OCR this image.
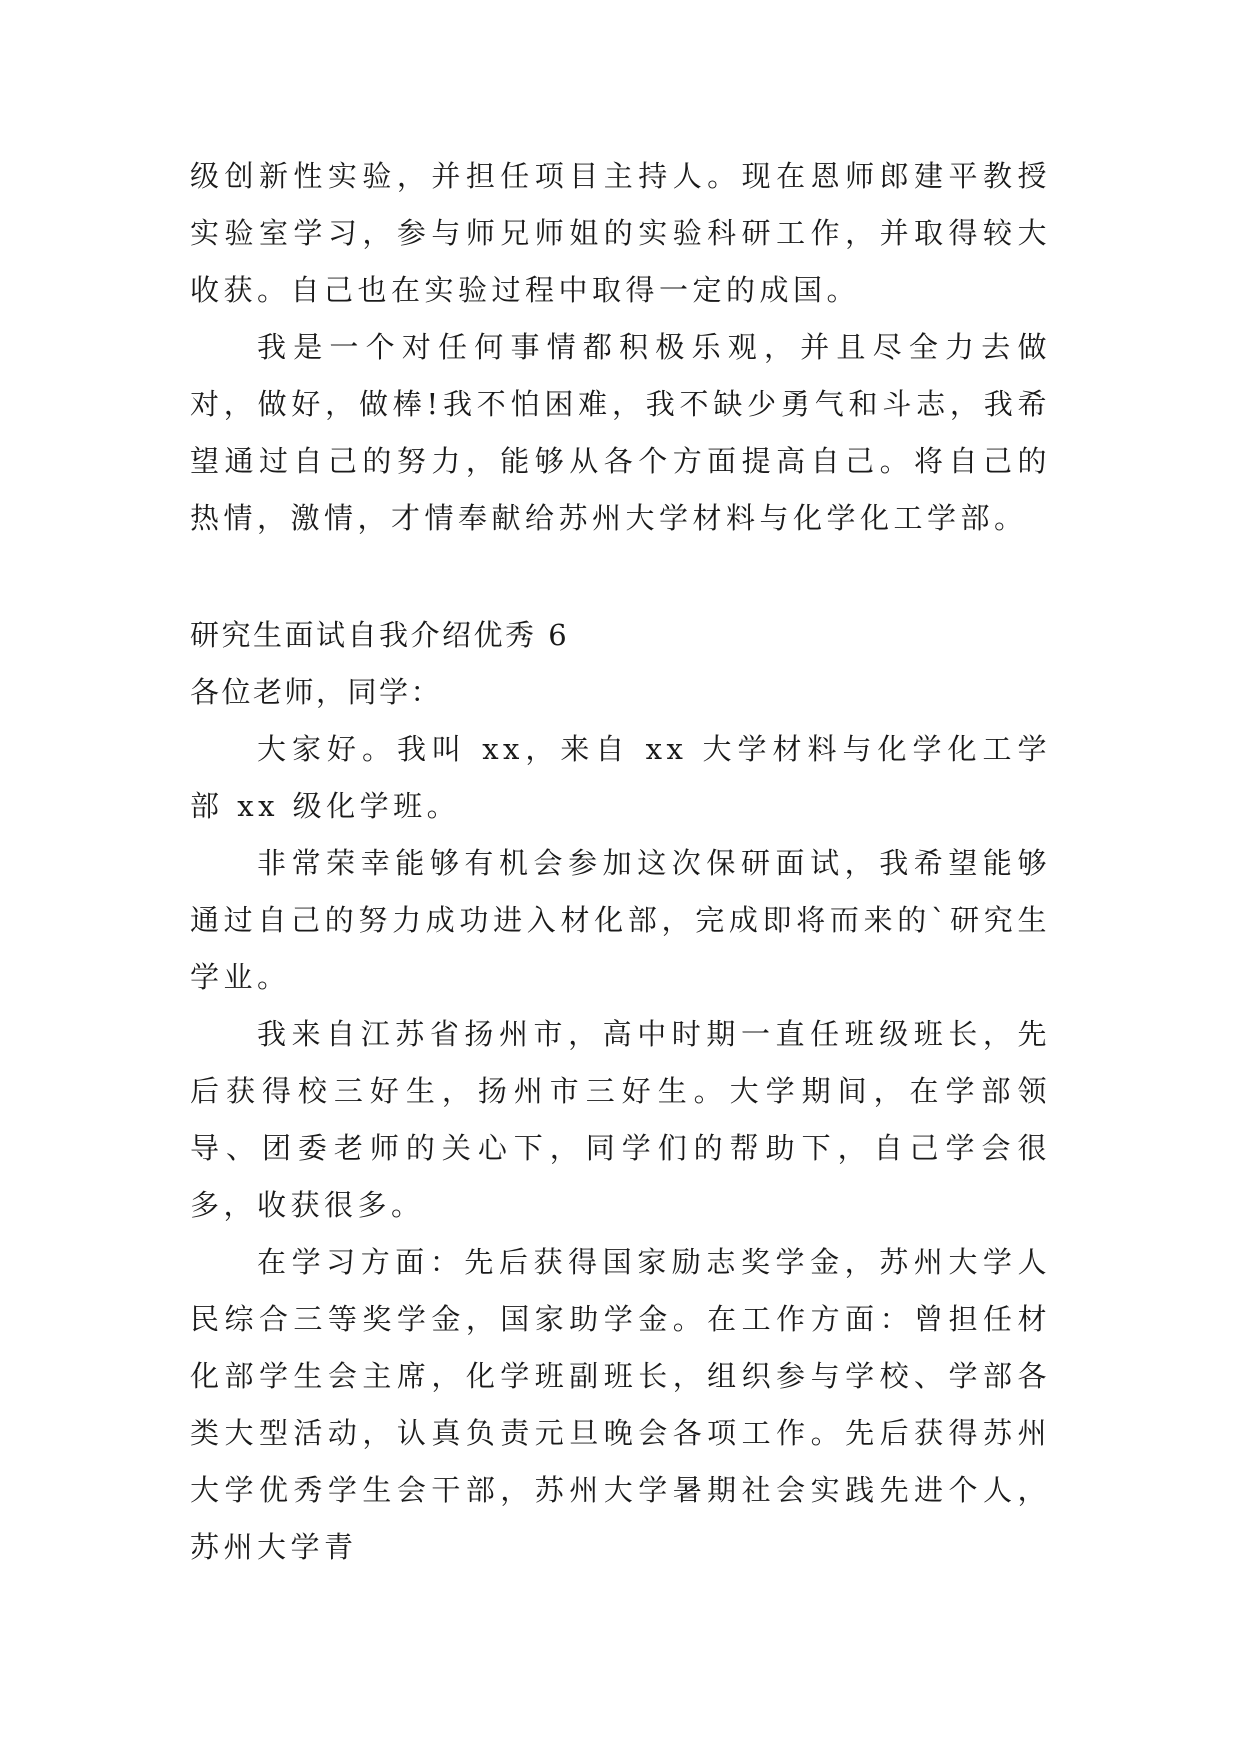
级创新性实验，并担任项目主持人。现在恩师郎建平教授实验室学习，参与师兄师姐的实验科研工作，并取得较大收获。自己也在实验过程中取得一定的成国。

我是一个对任何事情都积极乐观，并且尽全力去做对，做好，做棒!我不怕困难，我不缺少勇气和斗志，我希望通过自己的努力，能够从各个方面提高自己。将自己的热情，激情，才情奉献给苏州大学材料与化学化工学部。

研究生面试自我介绍优秀 6

各位老师，同学：

大家好。我叫 xx，来自 xx 大学材料与化学化工学部 xx 级化学班。

非常荣幸能够有机会参加这次保研面试，我希望能够通过自己的努力成功进入材化部，完成即将而来的`研究生学业。

我来自江苏省扬州市，高中时期一直任班级班长，先后获得校三好生，扬州市三好生。大学期间，在学部领导、团委老师的关心下，同学们的帮助下，自己学会很多，收获很多。

在学习方面：先后获得国家励志奖学金，苏州大学人民综合三等奖学金，国家助学金。在工作方面：曾担任材化部学生会主席，化学班副班长，组织参与学校、学部各类大型活动，认真负责元旦晚会各项工作。先后获得苏州大学优秀学生会干部，苏州大学暑期社会实践先进个人，苏州大学青
